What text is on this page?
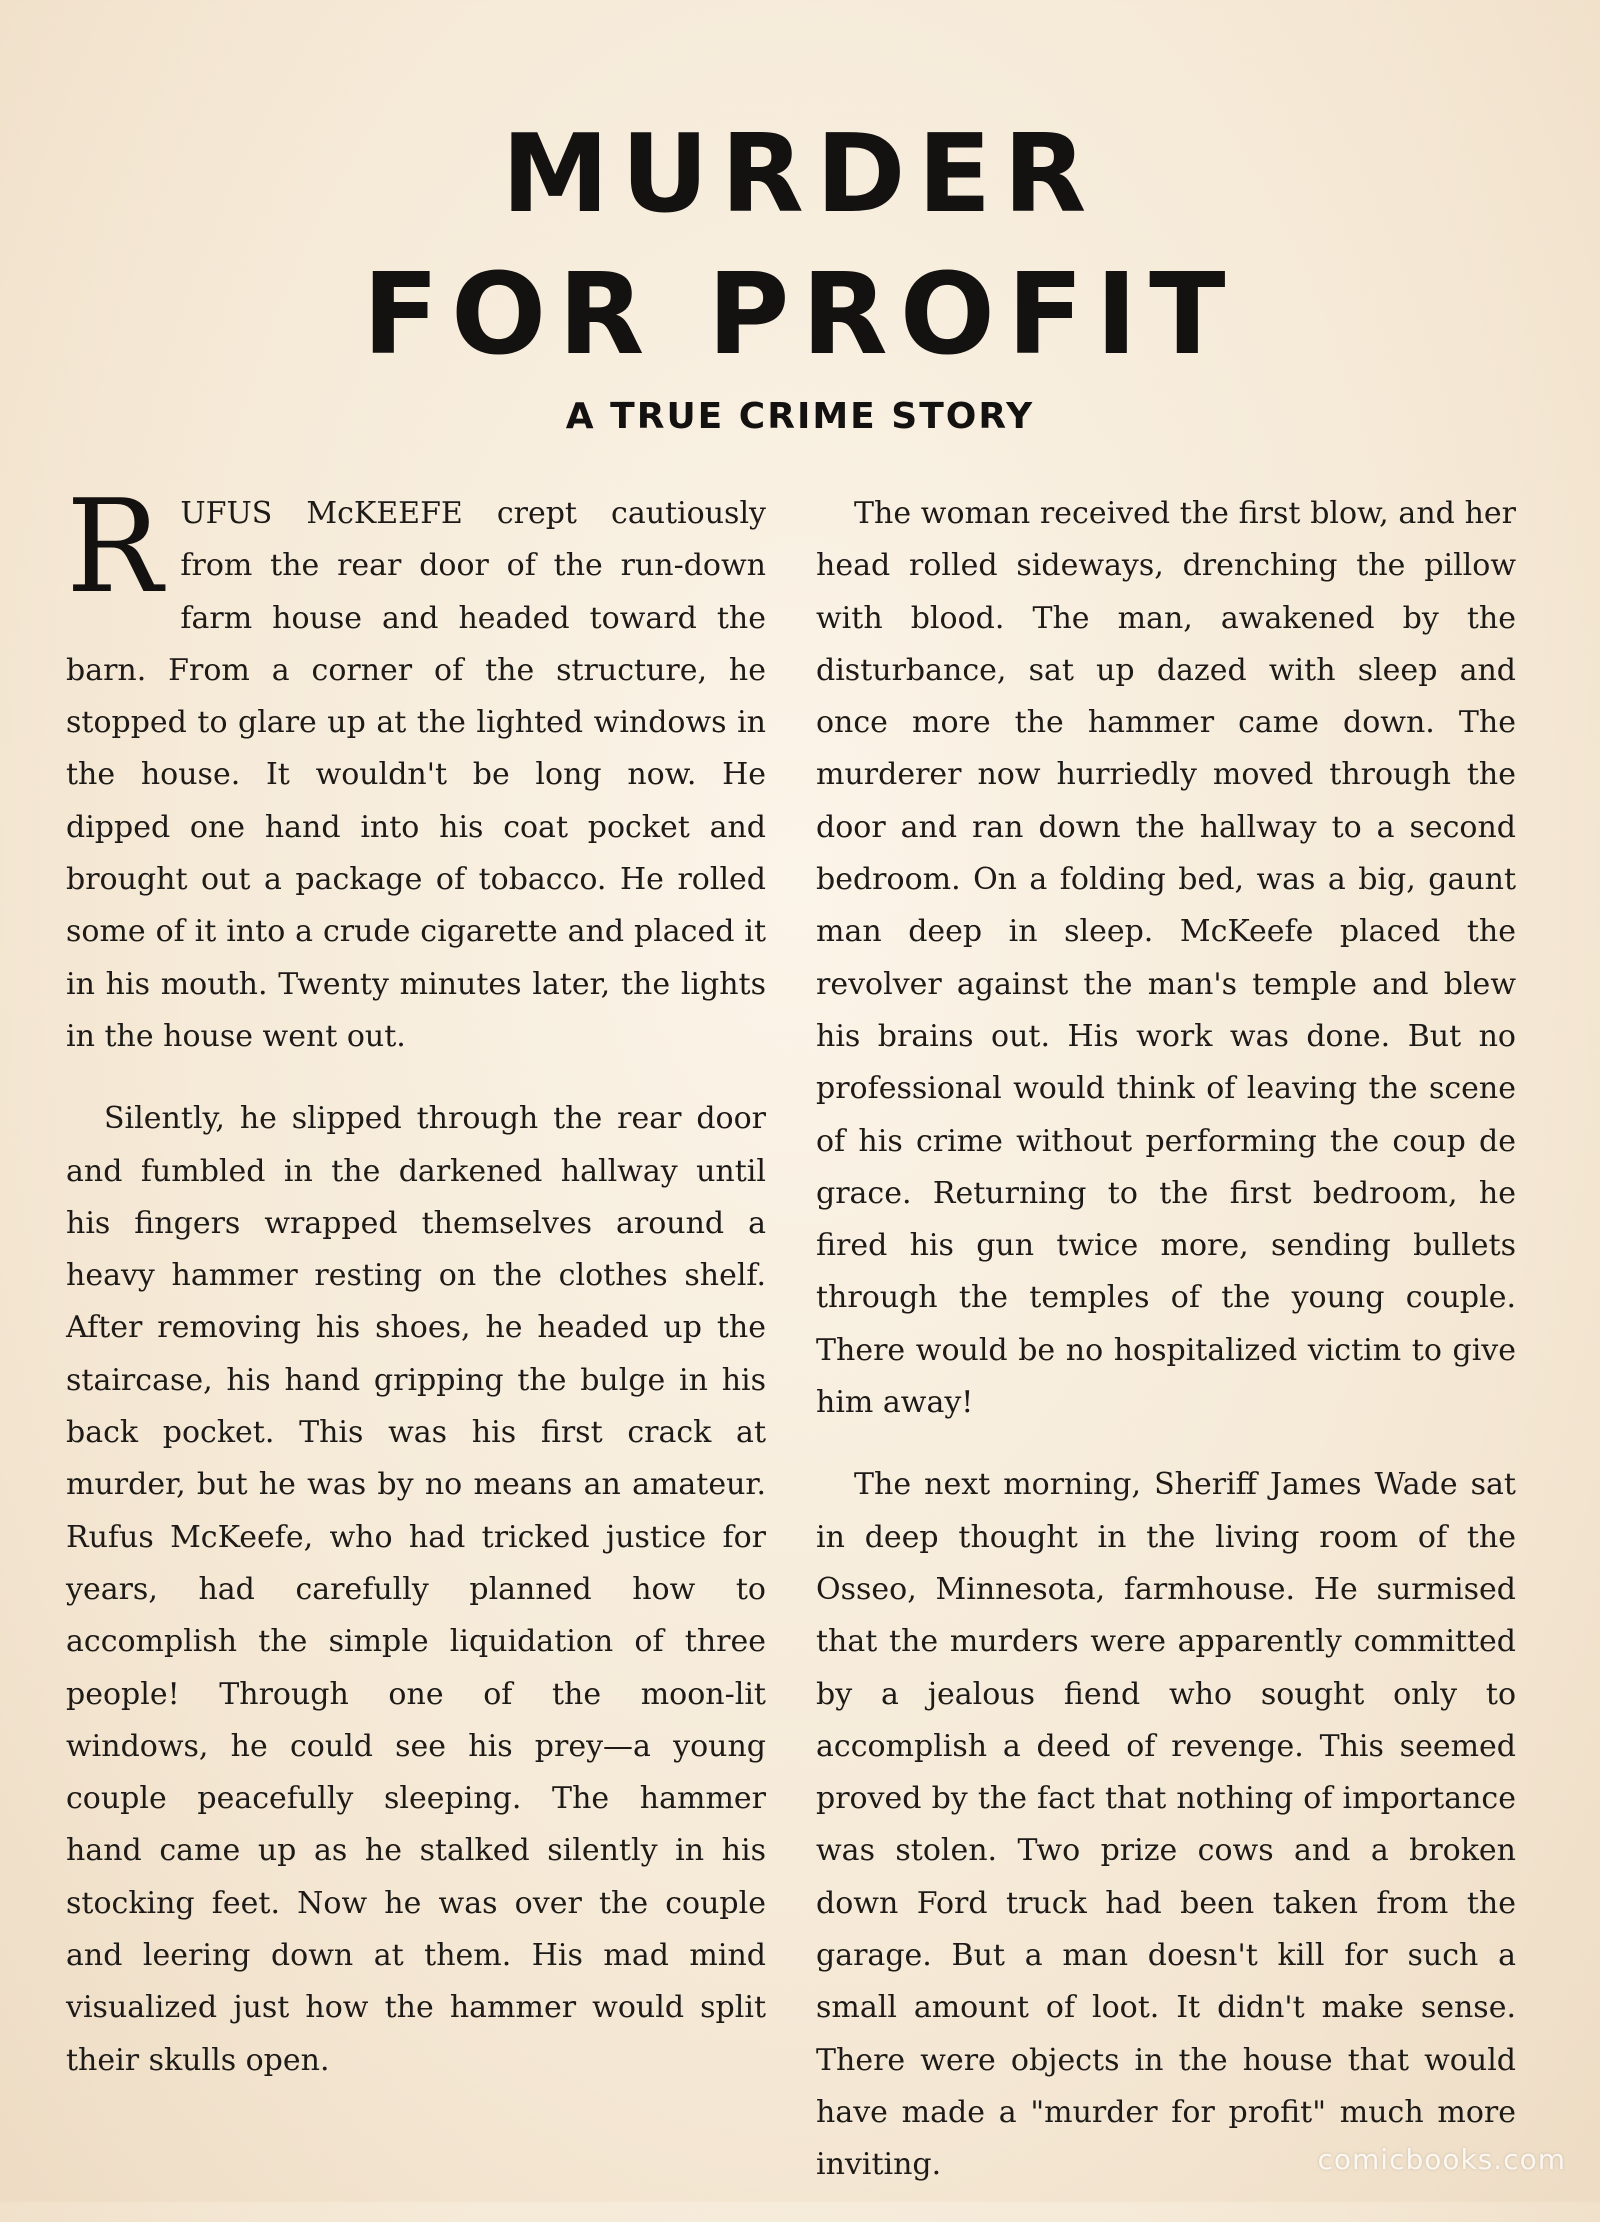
MURDER
FOR PROFIT
A TRUE CRIME STORY

RUFUS McKEEFE crept cautiously from the rear door of the run-down farm house and headed toward the barn. From a corner of the structure, he stopped to glare up at the lighted windows in the house. It wouldn't be long now. He dipped one hand into his coat pocket and brought out a package of tobacco. He rolled some of it into a crude cigarette and placed it in his mouth. Twenty minutes later, the lights in the house went out.

Silently, he slipped through the rear door and fumbled in the darkened hallway until his fingers wrapped themselves around a heavy hammer resting on the clothes shelf. After removing his shoes, he headed up the staircase, his hand gripping the bulge in his back pocket. This was his first crack at murder, but he was by no means an amateur. Rufus McKeefe, who had tricked justice for years, had carefully planned how to accomplish the simple liquidation of three people! Through one of the moon-lit windows, he could see his prey—a young couple peacefully sleeping. The hammer hand came up as he stalked silently in his stocking feet. Now he was over the couple and leering down at them. His mad mind visualized just how the hammer would split their skulls open.

The woman received the first blow, and her head rolled sideways, drenching the pillow with blood. The man, awakened by the disturbance, sat up dazed with sleep and once more the hammer came down. The murderer now hurriedly moved through the door and ran down the hallway to a second bedroom. On a folding bed, was a big, gaunt man deep in sleep. McKeefe placed the revolver against the man's temple and blew his brains out. His work was done. But no professional would think of leaving the scene of his crime without performing the coup de grace. Returning to the first bedroom, he fired his gun twice more, sending bullets through the temples of the young couple. There would be no hospitalized victim to give him away!

The next morning, Sheriff James Wade sat in deep thought in the living room of the Osseo, Minnesota, farmhouse. He surmised that the murders were apparently committed by a jealous fiend who sought only to accomplish a deed of revenge. This seemed proved by the fact that nothing of importance was stolen. Two prize cows and a broken down Ford truck had been taken from the garage. But a man doesn't kill for such a small amount of loot. It didn't make sense. There were objects in the house that would have made a "murder for profit" much more inviting.	comicbooks.com
